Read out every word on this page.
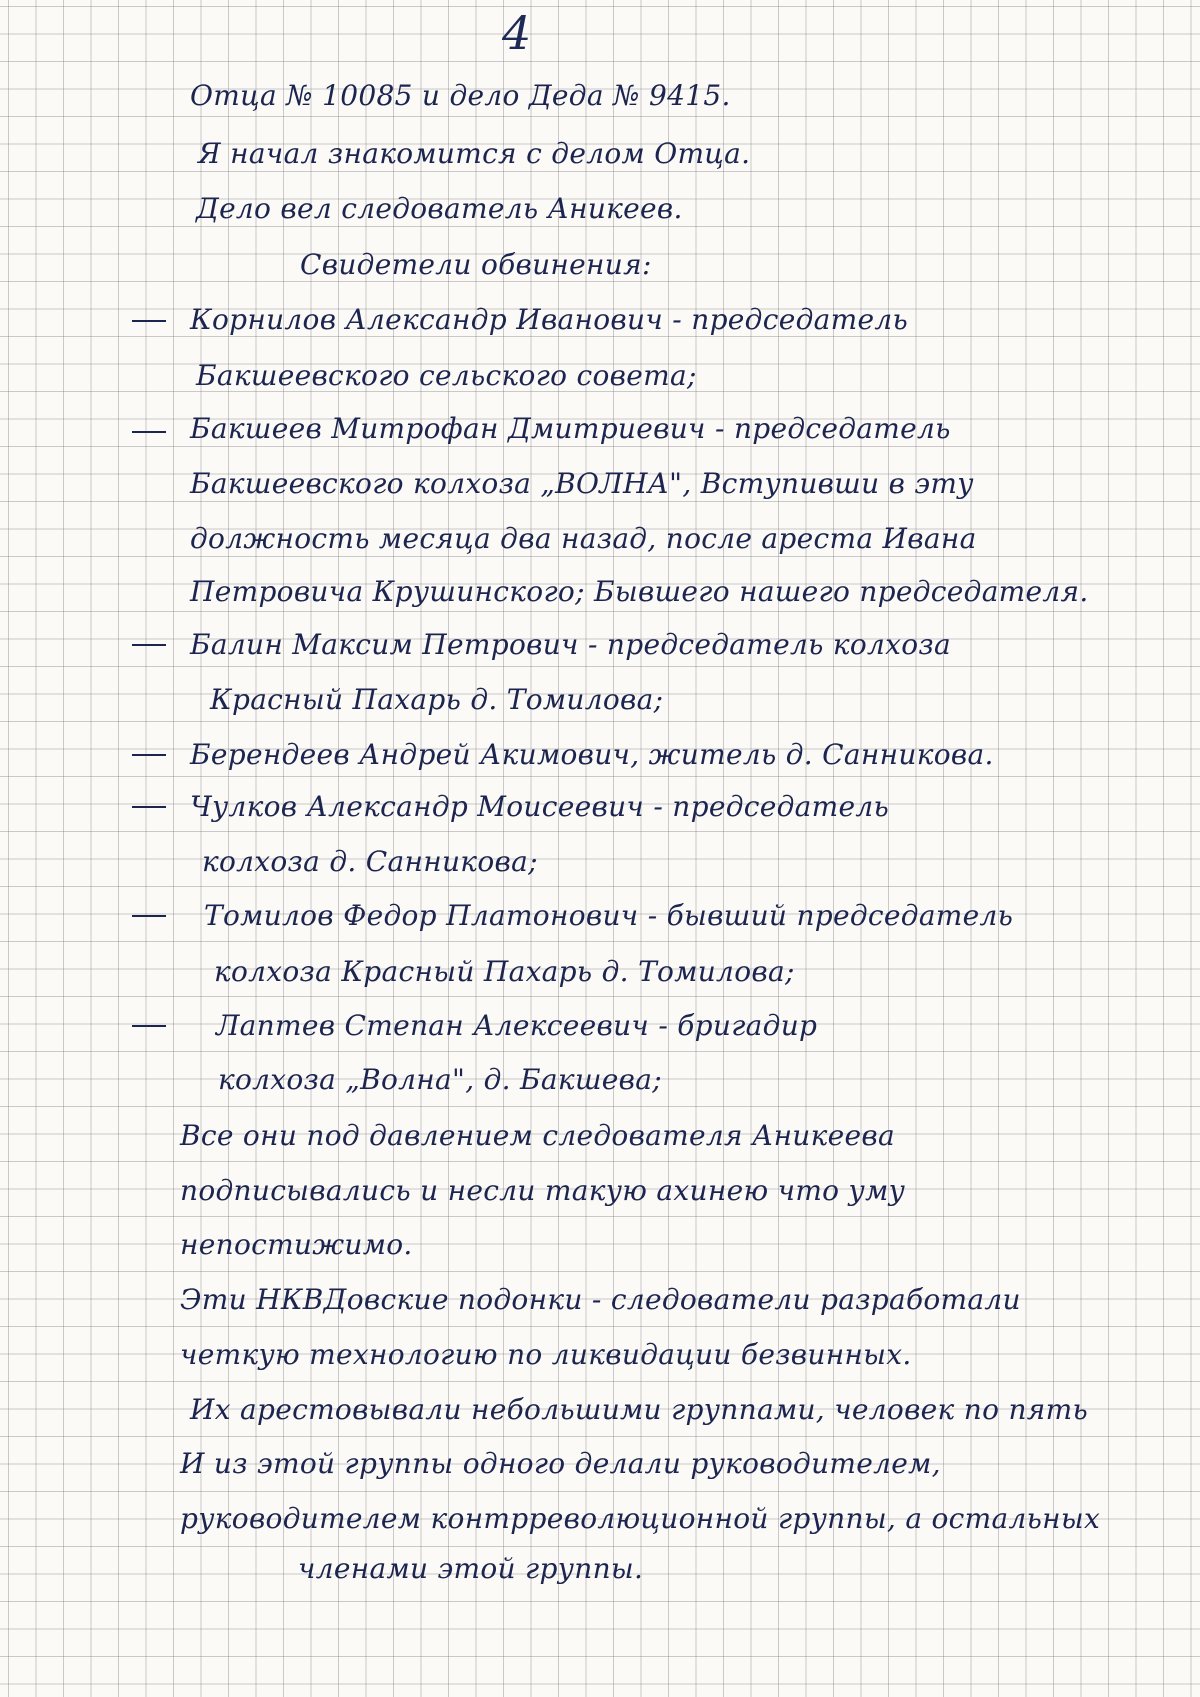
4
Отца № 10085 и дело Деда № 9415.
Я начал знакомится с делом Отца.
Дело вел следователь Аникеев.
Свидетели обвинения:
Корнилов Александр Иванович - председатель
Бакшеевского сельского совета;
Бакшеев Митрофан Дмитриевич - председатель
Бакшеевского колхоза „ВОЛНА", Вступивши в эту
должность месяца два назад, после ареста Ивана
Петровича Крушинского; Бывшего нашего председателя.
Балин Максим Петрович - председатель колхоза
Красный Пахарь д. Томилова;
Берендеев Андрей Акимович, житель д. Санникова.
Чулков Александр Моисеевич - председатель
колхоза д. Санникова;
Томилов Федор Платонович - бывший председатель
колхоза Красный Пахарь д. Томилова;
Лаптев Степан Алексеевич - бригадир
колхоза „Волна", д. Бакшева;
Все они под давлением следователя Аникеева
подписывались и несли такую ахинею что уму
непостижимо.
Эти НКВДовские подонки - следователи разработали
четкую технологию по ликвидации безвинных.
Их арестовывали небольшими группами, человек по пять
И из этой группы одного делали руководителем,
руководителем контрреволюционной группы, а остальных
членами этой группы.
